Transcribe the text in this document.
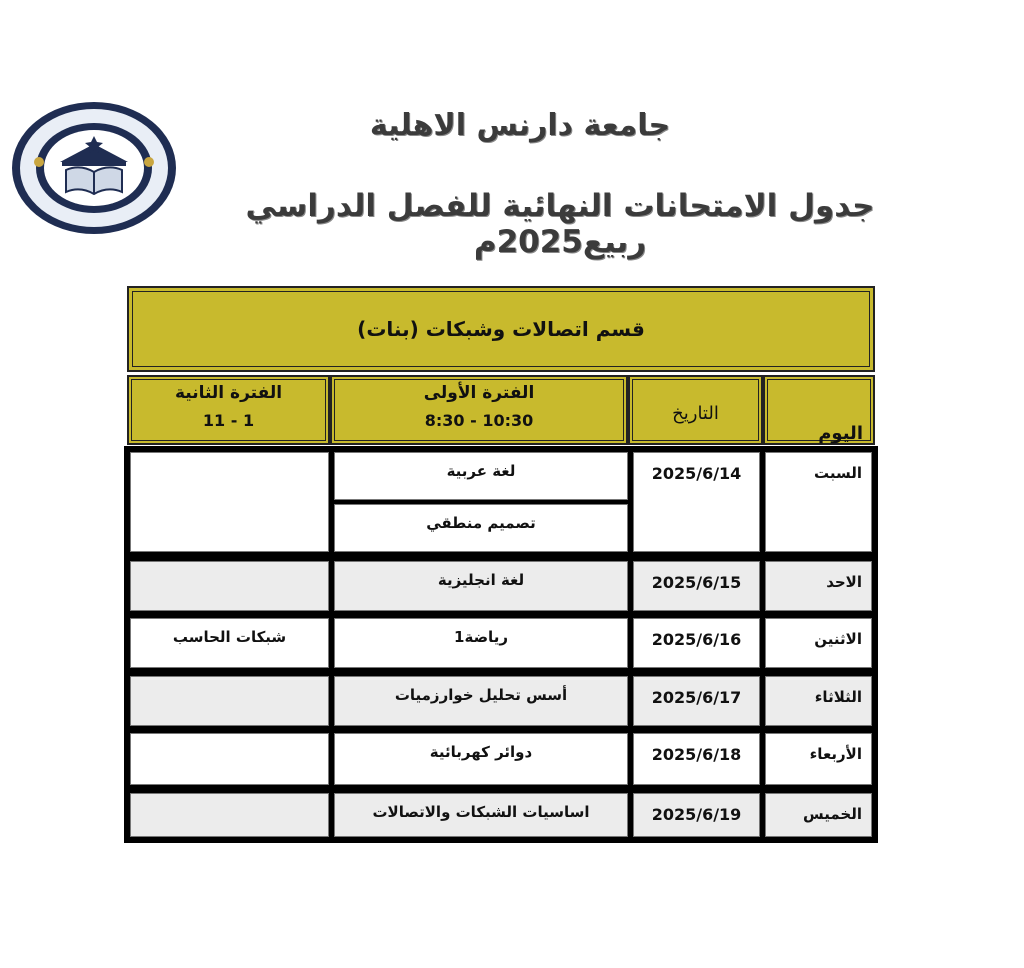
جامعة دارنس الاهلية
جدول الامتحانات النهائية للفصل الدراسي ربيع2025م
قسم اتصالات وشبكات (بنات)
اليوم
التاريخ
الفترة الأولى
8:30 - 10:30
الفترة الثانية
11 - 1
السبت
2025/6/14
لغة عربية
تصميم منطقي
الاحد
2025/6/15
لغة انجليزية
الاثنين
2025/6/16
رياضة1
شبكات الحاسب
الثلاثاء
2025/6/17
أسس تحليل خوارزميات
الأربعاء
2025/6/18
دوائر كهربائية
الخميس
2025/6/19
اساسيات الشبكات والاتصالات
